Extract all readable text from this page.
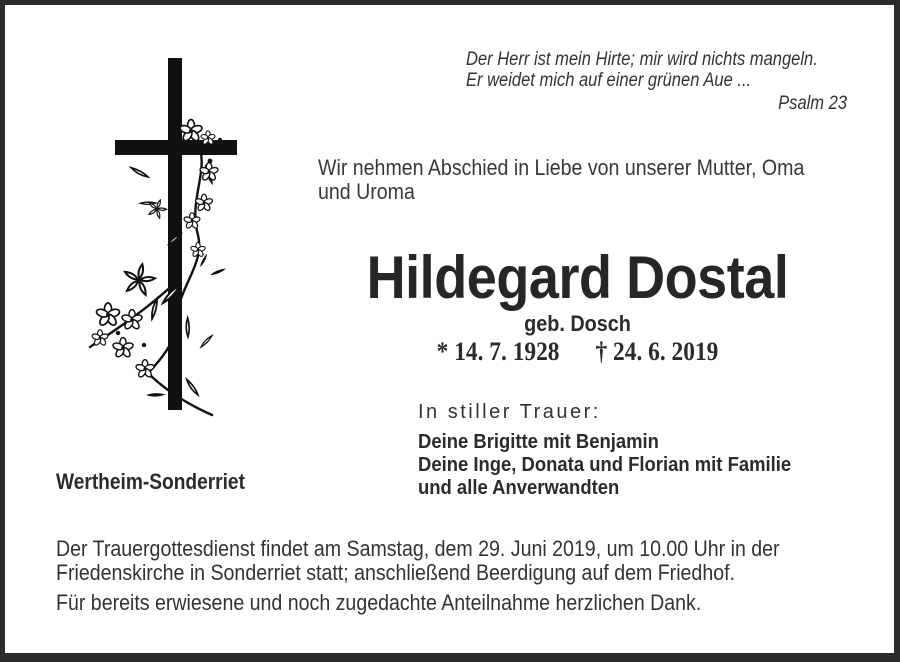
Der Herr ist mein Hirte; mir wird nichts mangeln.
Er weidet mich auf einer grünen Aue ...
Psalm 23
Wir nehmen Abschied in Liebe von unserer Mutter, Oma
und Uroma
Hildegard Dostal
geb. Dosch
* 14. 7. 1928 † 24. 6. 2019
In stiller Trauer:
Deine Brigitte mit Benjamin
Deine Inge, Donata und Florian mit Familie
und alle Anverwandten
Wertheim-Sonderriet
Der Trauergottesdienst findet am Samstag, dem 29. Juni 2019, um 10.00 Uhr in der
Friedenskirche in Sonderriet statt; anschließend Beerdigung auf dem Friedhof.
Für bereits erwiesene und noch zugedachte Anteilnahme herzlichen Dank.
